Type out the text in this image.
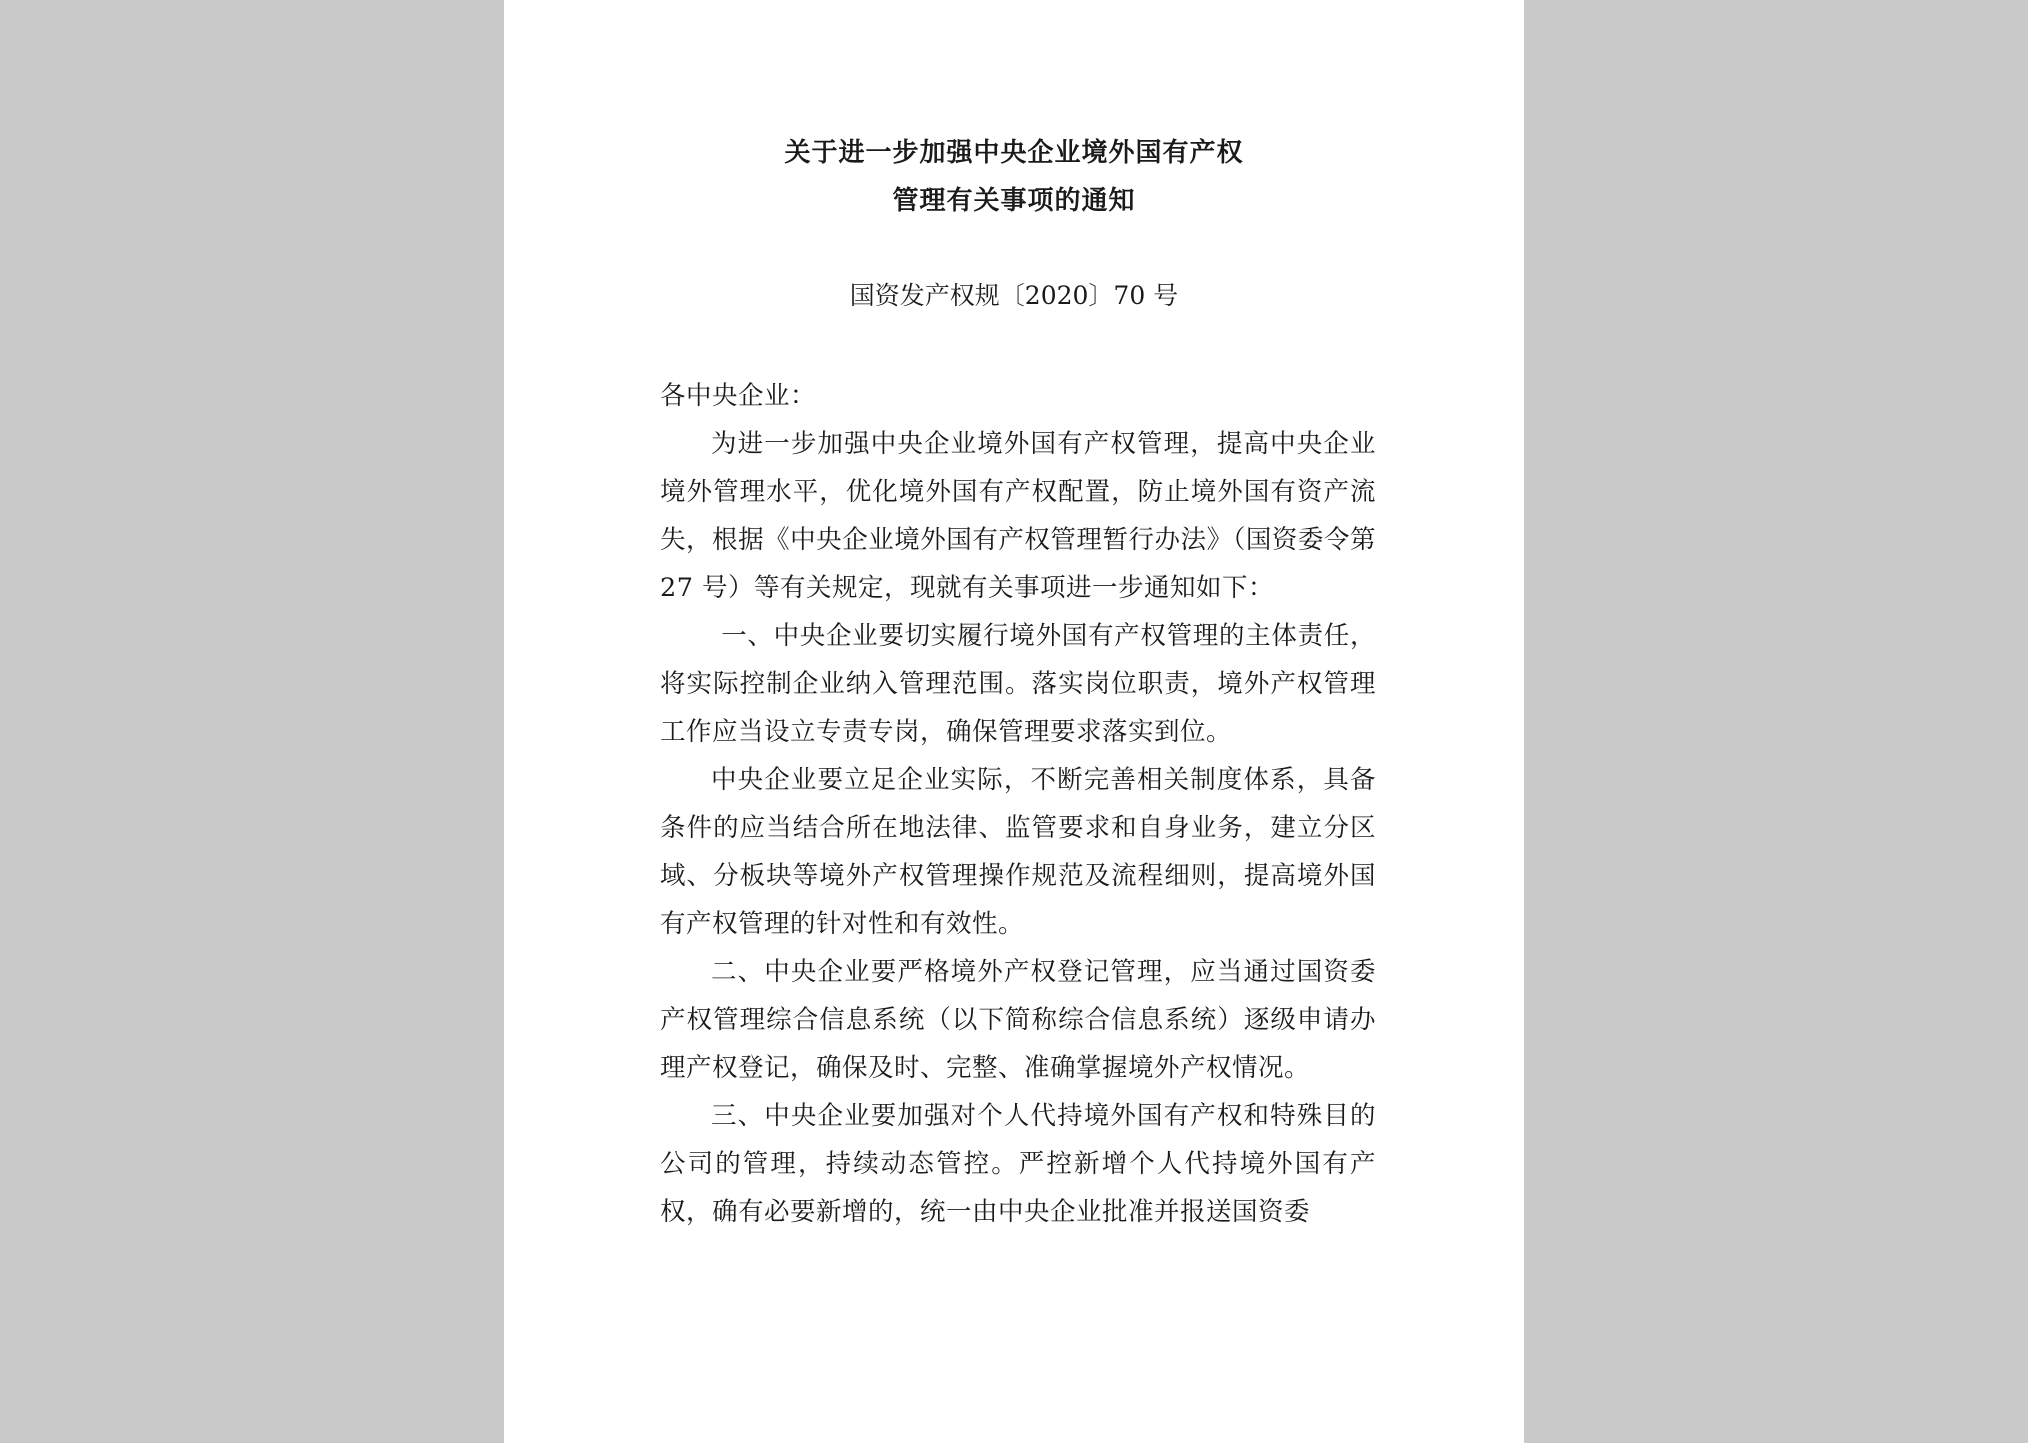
关于进一步加强中央企业境外国有产权
管理有关事项的通知
国资发产权规〔2020〕70 号

各中央企业：

为进一步加强中央企业境外国有产权管理，提高中央企业境外管理水平，优化境外国有产权配置，防止境外国有资产流失，根据《中央企业境外国有产权管理暂行办法》（国资委令第 27 号）等有关规定，现就有关事项进一步通知如下：

一、中央企业要切实履行境外国有产权管理的主体责任，将实际控制企业纳入管理范围。落实岗位职责，境外产权管理工作应当设立专责专岗，确保管理要求落实到位。

中央企业要立足企业实际，不断完善相关制度体系，具备条件的应当结合所在地法律、监管要求和自身业务，建立分区域、分板块等境外产权管理操作规范及流程细则，提高境外国有产权管理的针对性和有效性。

二、中央企业要严格境外产权登记管理，应当通过国资委产权管理综合信息系统（以下简称综合信息系统）逐级申请办理产权登记，确保及时、完整、准确掌握境外产权情况。

三、中央企业要加强对个人代持境外国有产权和特殊目的公司的管理，持续动态管控。严控新增个人代持境外国有产权，确有必要新增的，统一由中央企业批准并报送国资委
